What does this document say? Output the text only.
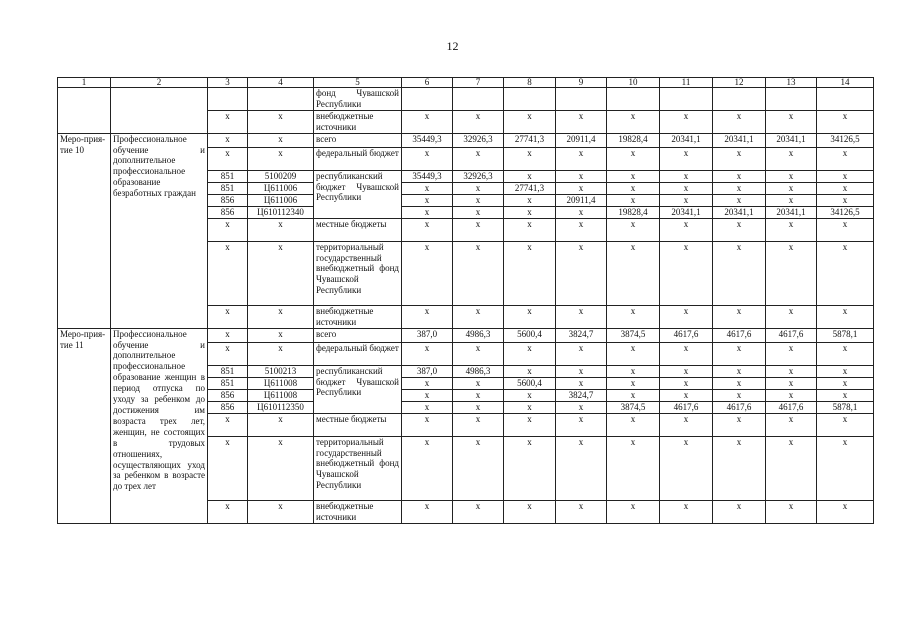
12
1	2	3	4	5	6	7	8	9	10	11	12	13	14
				фонд Чувашской Республики									
		х	х	внебюджетные источники	х	х	х	х	х	х	х	х	х
Меро-прия-тие 10	Профессиональное обучение и дополнительное профессиональное образование безработных граждан	х	х	всего	35449,3	32926,3	27741,3	20911,4	19828,4	20341,1	20341,1	20341,1	34126,5
		х	х	федеральный бюджет	х	х	х	х	х	х	х	х	х
		851	5100209	республиканский бюджет Чувашской Республики	35449,3	32926,3	х	х	х	х	х	х	х
		851	Ц611006		х	х	27741,3	х	х	х	х	х	х
		856	Ц611006		х	х	х	20911,4	х	х	х	х	х
		856	Ц610112340		х	х	х	х	19828,4	20341,1	20341,1	20341,1	34126,5
		х	х	местные бюджеты	х	х	х	х	х	х	х	х	х
		х	х	территориальный государственный внебюджетный фонд Чувашской Республики	х	х	х	х	х	х	х	х	х
		х	х	внебюджетные источники	х	х	х	х	х	х	х	х	х
Меро-прия-тие 11	Профессиональное обучение и дополнительное профессиональное образование женщин в период отпуска по уходу за ребенком до достижения им возраста трех лет, женщин, не состоящих в трудовых отношениях, осуществляющих уход за ребенком в возрасте до трех лет	х	х	всего	387,0	4986,3	5600,4	3824,7	3874,5	4617,6	4617,6	4617,6	5878,1
		х	х	федеральный бюджет	х	х	х	х	х	х	х	х	х
		851	5100213	республиканский бюджет Чувашской Республики	387,0	4986,3	х	х	х	х	х	х	х
		851	Ц611008		х	х	5600,4	х	х	х	х	х	х
		856	Ц611008		х	х	х	3824,7	х	х	х	х	х
		856	Ц610112350		х	х	х	х	3874,5	4617,6	4617,6	4617,6	5878,1
		х	х	местные бюджеты	х	х	х	х	х	х	х	х	х
		х	х	территориальный государственный внебюджетный фонд Чувашской Республики	х	х	х	х	х	х	х	х	х
		х	х	внебюджетные источники	х	х	х	х	х	х	х	х	х
